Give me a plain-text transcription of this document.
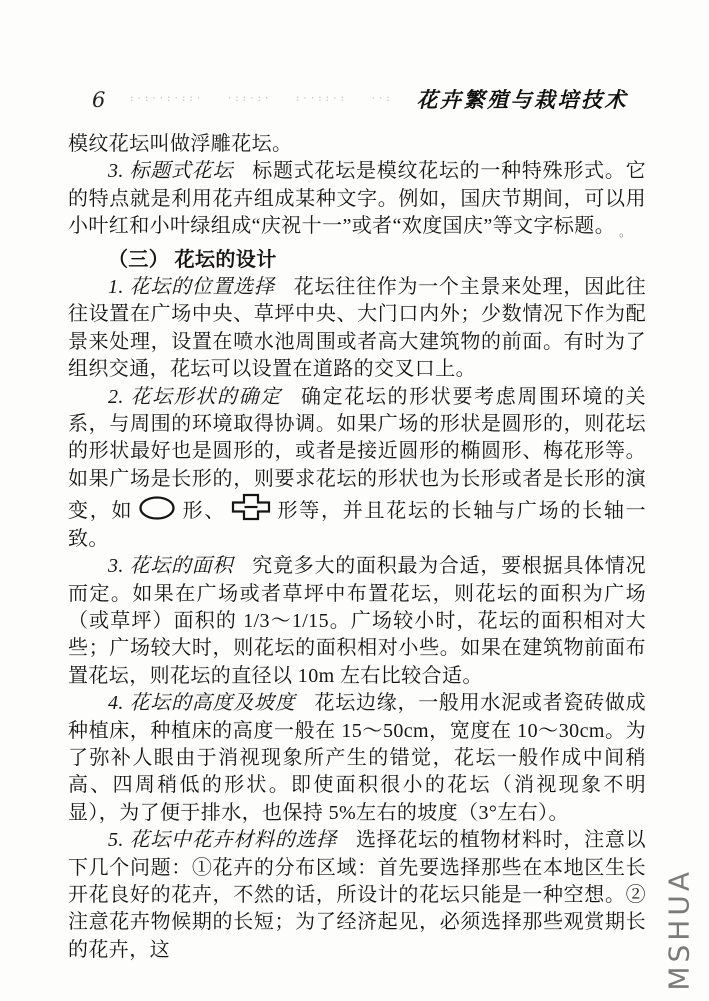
6	:·:··:·::·	·::·:·	:··::·:	··: 花卉繁殖与栽培技术

模纹花坛叫做浮雕花坛。

3. 标题式花坛 标题式花坛是模纹花坛的一种特殊形式。它的特点就是利用花卉组成某种文字。例如，国庆节期间，可以用小叶红和小叶绿组成“庆祝十一”或者“欢度国庆”等文字标题。 $_。$

（三） 花坛的设计

1. 花坛的位置选择 花坛往往作为一个主景来处理，因此往往设置在广场中央、草坪中央、大门口内外；少数情况下作为配景来处理，设置在喷水池周围或者高大建筑物的前面。有时为了组织交通，花坛可以设置在道路的交叉口上。

2. 花坛形状的确定 确定花坛的形状要考虑周围环境的关系，与周围的环境取得协调。如果广场的形状是圆形的，则花坛的形状最好也是圆形的，或者是接近圆形的椭圆形、梅花形等。如果广场是长形的，则要求花坛的形状也为长形或者是长形的演变，如 形、	形等，并且花坛的长轴与广场的长轴一致。

3. 花坛的面积 究竟多大的面积最为合适，要根据具体情况而定。如果在广场或者草坪中布置花坛，则花坛的面积为广场（或草坪）面积的 1/3～1/15。广场较小时，花坛的面积相对大些；广场较大时，则花坛的面积相对小些。如果在建筑物前面布置花坛，则花坛的直径以 10m 左右比较合适。

4. 花坛的高度及坡度 花坛边缘，一般用水泥或者瓷砖做成种植床，种植床的高度一般在 15～50cm，宽度在 10～30cm。为了弥补人眼由于消视现象所产生的错觉，花坛一般作成中间稍高、四周稍低的形状。即使面积很小的花坛（消视现象不明显），为了便于排水，也保持 5%左右的坡度（3°左右）。

5. 花坛中花卉材料的选择 选择花坛的植物材料时，注意以下几个问题：①花卉的分布区域：首先要选择那些在本地区生长开花良好的花卉，不然的话，所设计的花坛只能是一种空想。②注意花卉物候期的长短；为了经济起见，必须选择那些观赏期长的花卉，这	MSHUA
